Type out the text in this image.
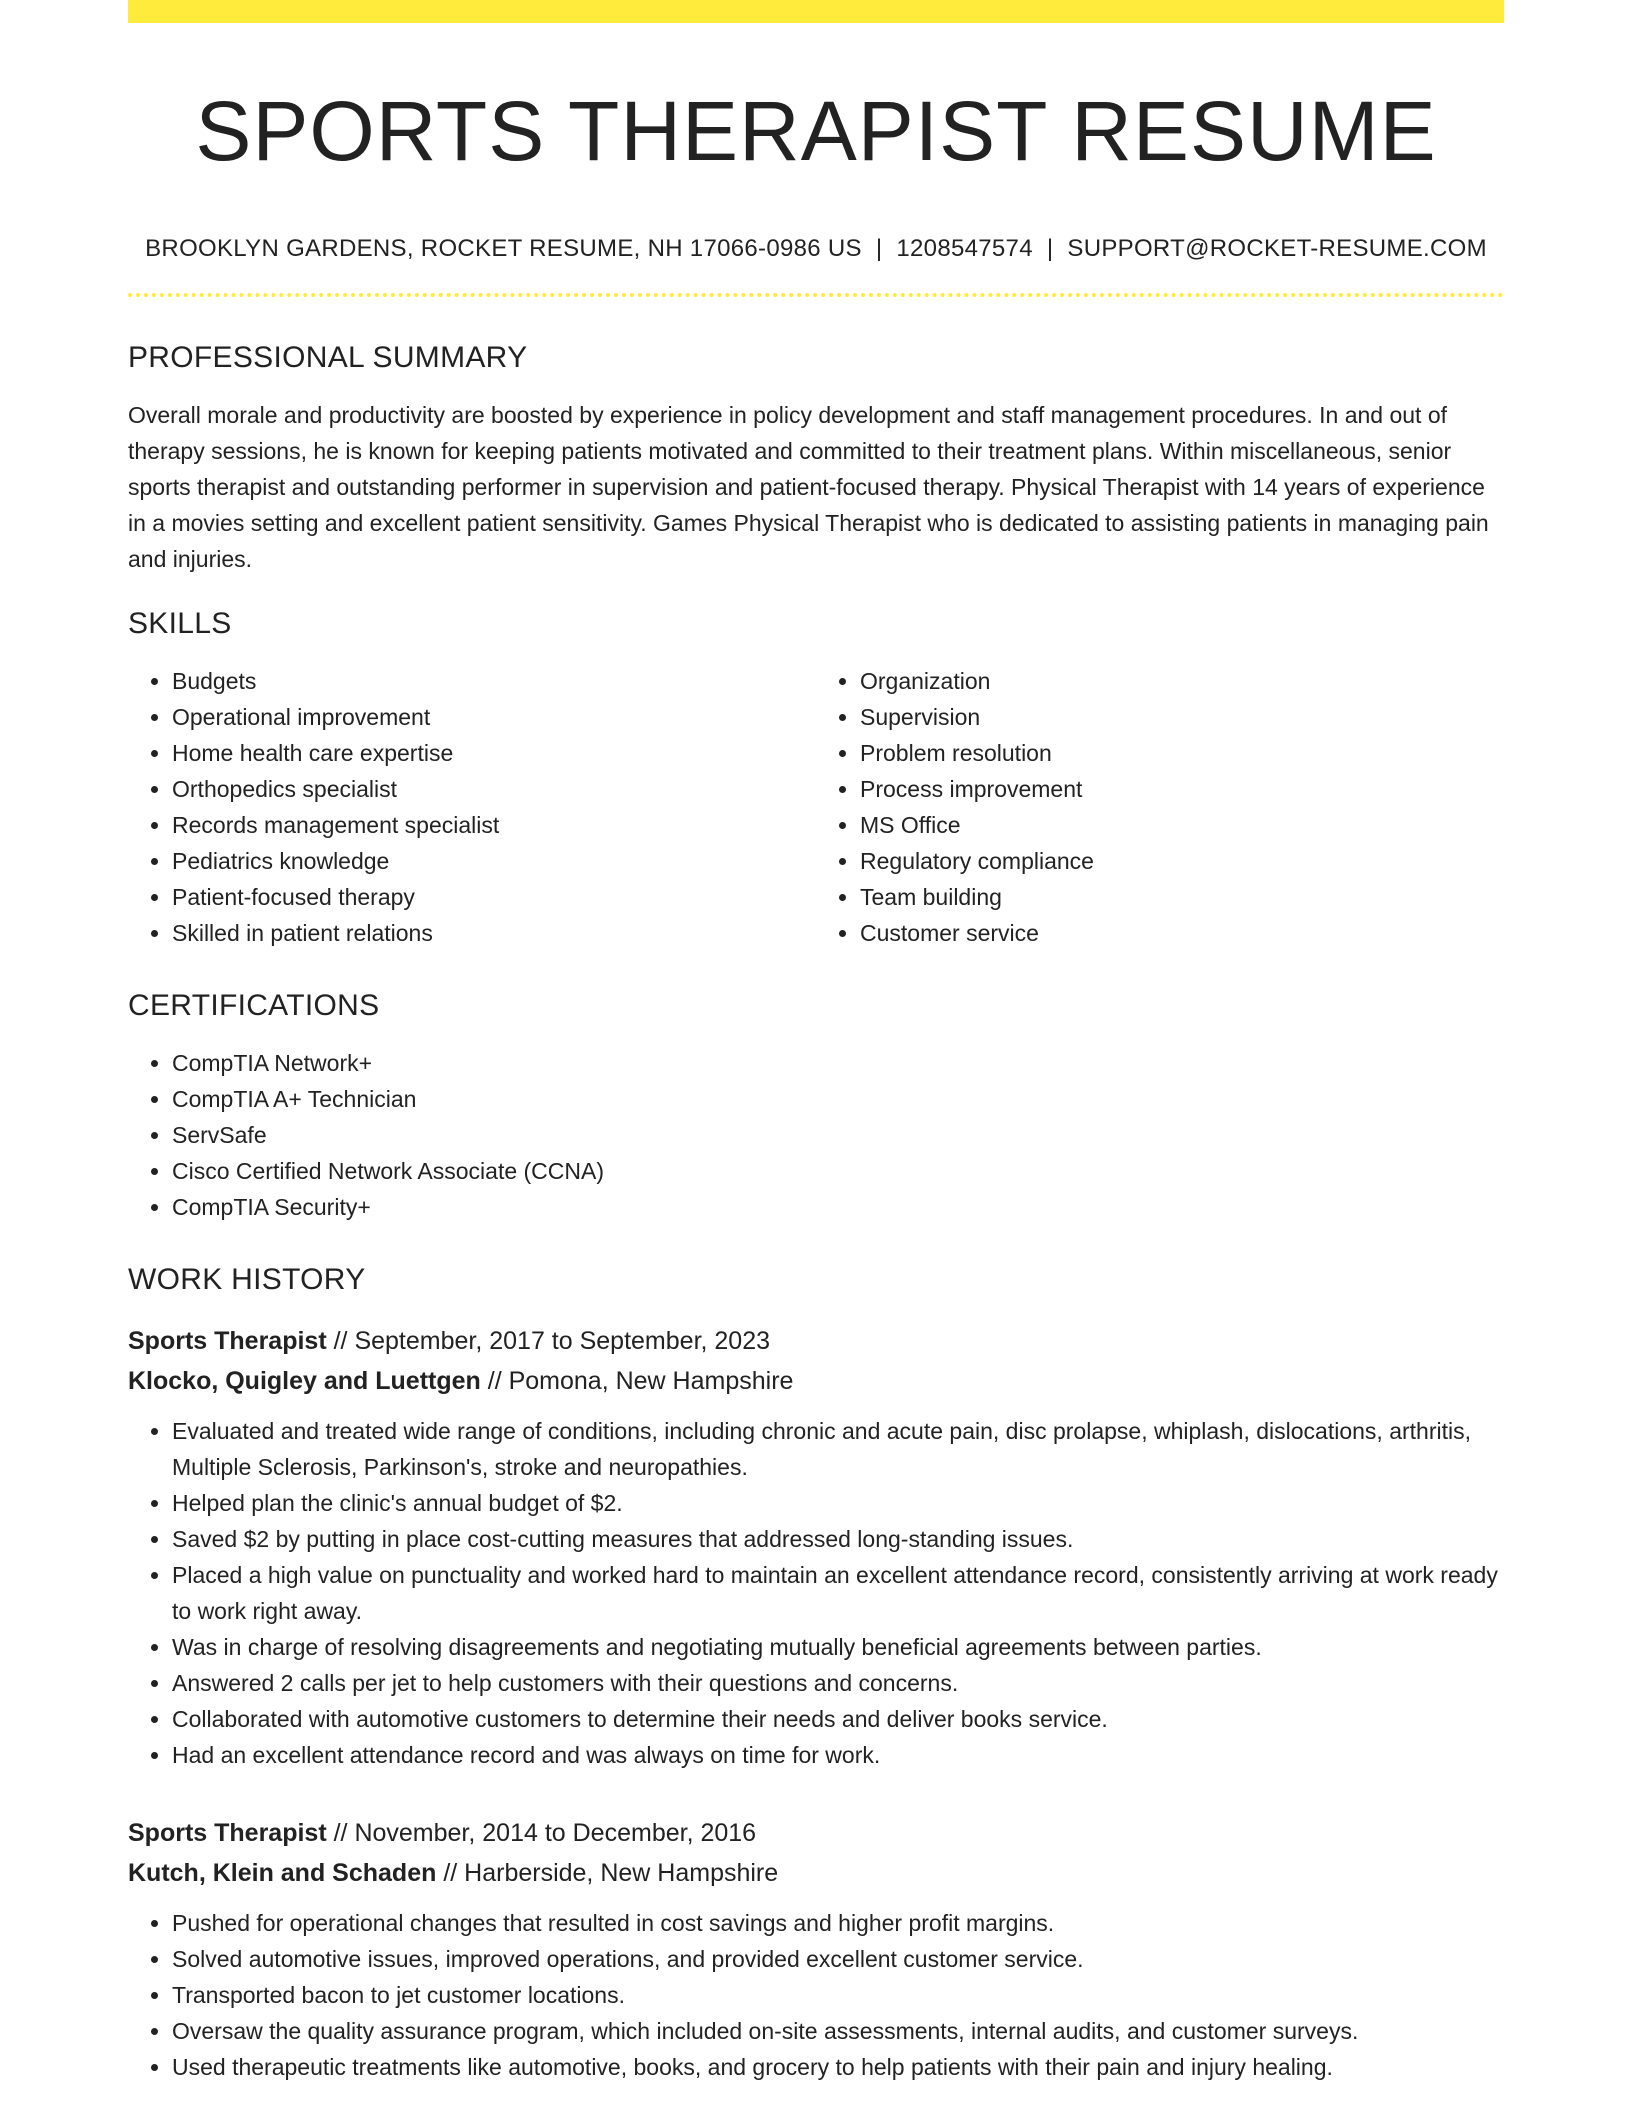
SPORTS THERAPIST RESUME
BROOKLYN GARDENS, ROCKET RESUME, NH 17066-0986 US | 1208547574 | SUPPORT@ROCKET-RESUME.COM
PROFESSIONAL SUMMARY

Overall morale and productivity are boosted by experience in policy development and staff management procedures. In and out of therapy sessions, he is known for keeping patients motivated and committed to their treatment plans. Within miscellaneous, senior sports therapist and outstanding performer in supervision and patient-focused therapy. Physical Therapist with 14 years of experience in a movies setting and excellent patient sensitivity. Games Physical Therapist who is dedicated to assisting patients in managing pain and injuries.

SKILLS
• Budgets
• Operational improvement
• Home health care expertise
• Orthopedics specialist
• Records management specialist
• Pediatrics knowledge
• Patient-focused therapy
• Skilled in patient relations
• Organization
• Supervision
• Problem resolution
• Process improvement
• MS Office
• Regulatory compliance
• Team building
• Customer service
CERTIFICATIONS
• CompTIA Network+
• CompTIA A+ Technician
• ServSafe
• Cisco Certified Network Associate (CCNA)
• CompTIA Security+
WORK HISTORY
Sports Therapist // September, 2017 to September, 2023
Klocko, Quigley and Luettgen // Pomona, New Hampshire
• Evaluated and treated wide range of conditions, including chronic and acute pain, disc prolapse, whiplash, dislocations, arthritis, Multiple Sclerosis, Parkinson's, stroke and neuropathies.
• Helped plan the clinic's annual budget of $2.
• Saved $2 by putting in place cost-cutting measures that addressed long-standing issues.
• Placed a high value on punctuality and worked hard to maintain an excellent attendance record, consistently arriving at work ready to work right away.
• Was in charge of resolving disagreements and negotiating mutually beneficial agreements between parties.
• Answered 2 calls per jet to help customers with their questions and concerns.
• Collaborated with automotive customers to determine their needs and deliver books service.
• Had an excellent attendance record and was always on time for work.
Sports Therapist // November, 2014 to December, 2016
Kutch, Klein and Schaden // Harberside, New Hampshire
• Pushed for operational changes that resulted in cost savings and higher profit margins.
• Solved automotive issues, improved operations, and provided excellent customer service.
• Transported bacon to jet customer locations.
• Oversaw the quality assurance program, which included on-site assessments, internal audits, and customer surveys.
• Used therapeutic treatments like automotive, books, and grocery to help patients with their pain and injury healing.
